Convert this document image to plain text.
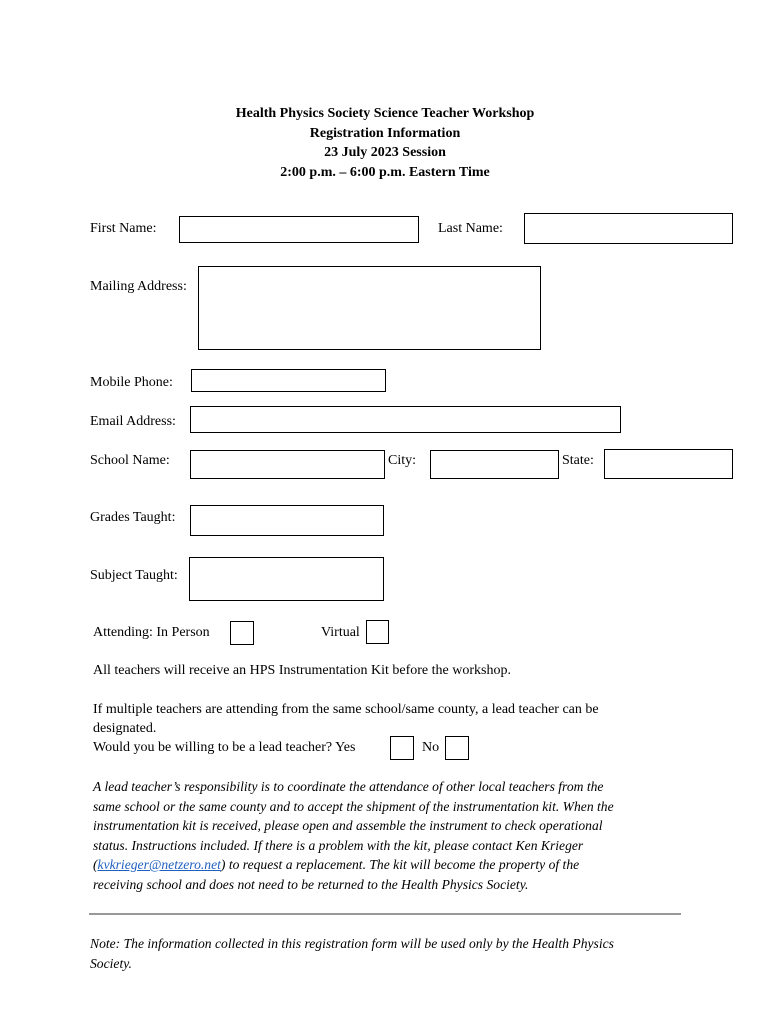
Health Physics Society Science Teacher Workshop
Registration Information
23 July 2023 Session
2:00 p.m. – 6:00 p.m. Eastern Time
First Name:	Last Name:
Mailing Address:
Mobile Phone:
Email Address:
School Name:	City:	State:
Grades Taught:
Subject Taught:
Attending: In Person	Virtual
All teachers will receive an HPS Instrumentation Kit before the workshop.
If multiple teachers are attending from the same school/same county, a lead teacher can be
designated.
Would you be willing to be a lead teacher? Yes	No
A lead teacher’s responsibility is to coordinate the attendance of other local teachers from the
same school or the same county and to accept the shipment of the instrumentation kit. When the
instrumentation kit is received, please open and assemble the instrument to check operational
status. Instructions included. If there is a problem with the kit, please contact Ken Krieger
(kvkrieger@netzero.net) to request a replacement. The kit will become the property of the
receiving school and does not need to be returned to the Health Physics Society.
Note: The information collected in this registration form will be used only by the Health Physics
Society.
